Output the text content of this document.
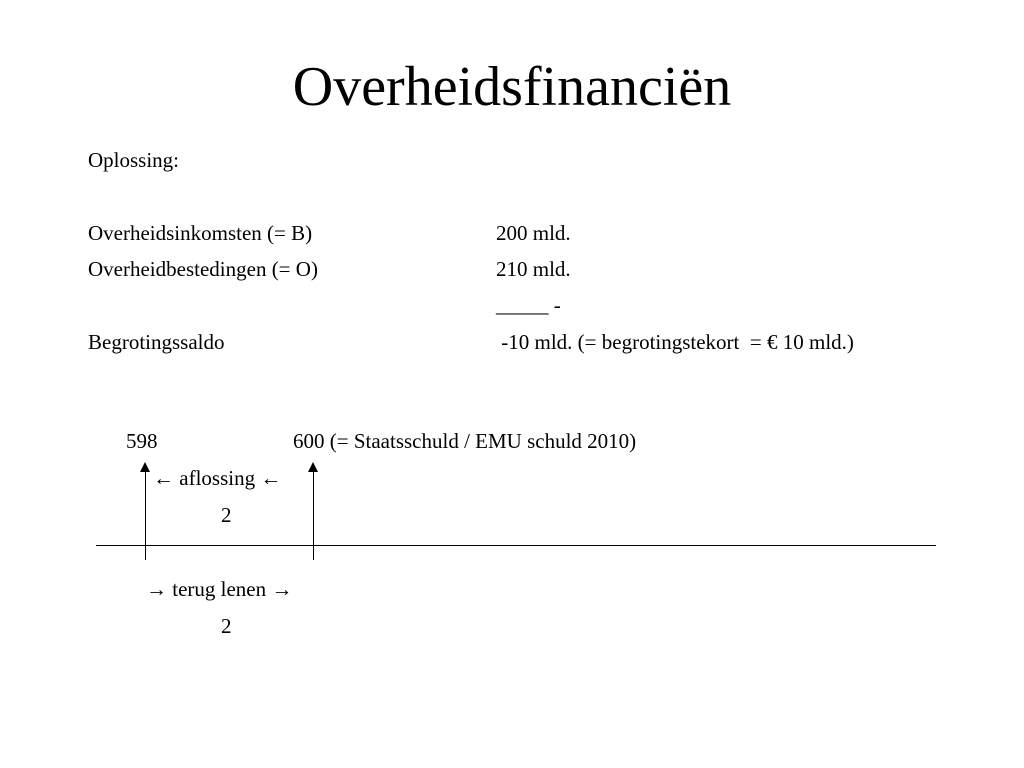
Overheidsfinanciën
Oplossing:
Overheidsinkomsten (= B)	200 mld.
Overheidbestedingen (= O)	210 mld.
_____ -
Begrotingssaldo	-10 mld. (= begrotingstekort  = € 10 mld.)
598	600 (= Staatsschuld / EMU schuld 2010)
← aflossing ←
2
→ terug lenen →
2
